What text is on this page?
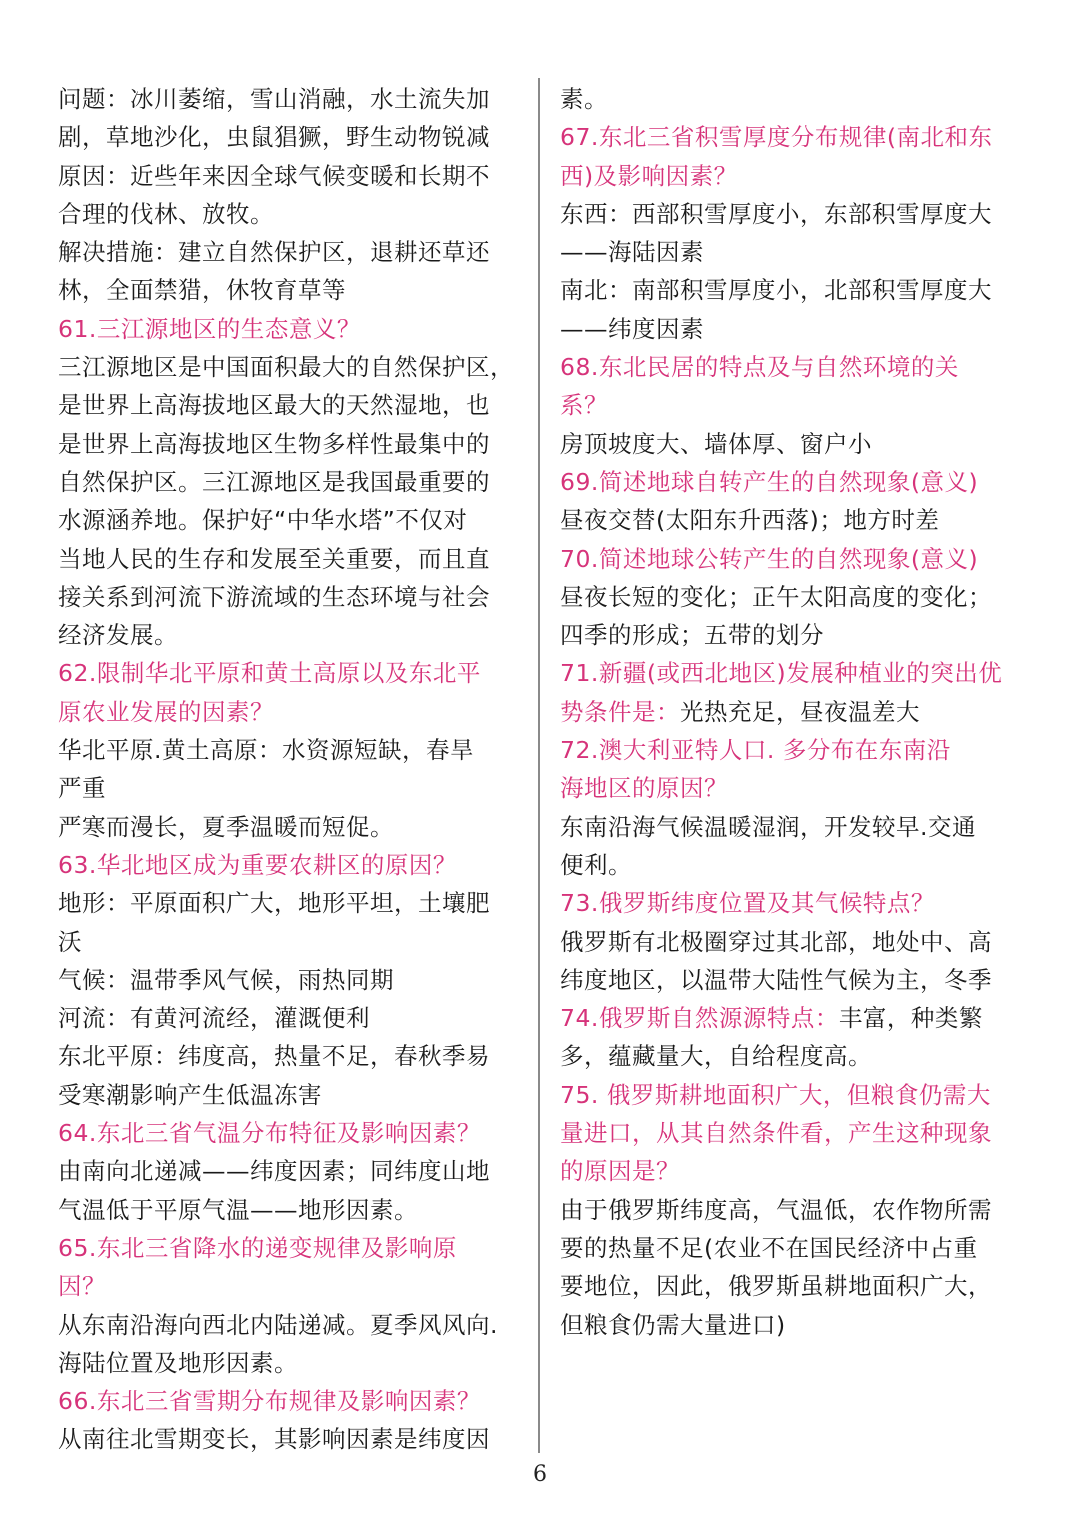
问题：冰川萎缩，雪山消融，水土流失加
剧，草地沙化，虫鼠猖獗，野生动物锐减
原因：近些年来因全球气候变暖和长期不
合理的伐林、放牧。
解决措施：建立自然保护区，退耕还草还
林，全面禁猎，休牧育草等
61.三江源地区的生态意义？
三江源地区是中国面积最大的自然保护区，
是世界上高海拔地区最大的天然湿地，也
是世界上高海拔地区生物多样性最集中的
自然保护区。三江源地区是我国最重要的
水源涵养地。保护好“中华水塔”不仅对
当地人民的生存和发展至关重要，而且直
接关系到河流下游流域的生态环境与社会
经济发展。
62.限制华北平原和黄土高原以及东北平
原农业发展的因素？
华北平原.黄土高原：水资源短缺，春旱
严重
严寒而漫长，夏季温暖而短促。
63.华北地区成为重要农耕区的原因？
地形：平原面积广大，地形平坦，土壤肥
沃
气候：温带季风气候，雨热同期
河流：有黄河流经，灌溉便利
东北平原：纬度高，热量不足，春秋季易
受寒潮影响产生低温冻害
64.东北三省气温分布特征及影响因素？
由南向北递减——纬度因素；同纬度山地
气温低于平原气温——地形因素。
65.东北三省降水的递变规律及影响原
因？
从东南沿海向西北内陆递减。夏季风风向.
海陆位置及地形因素。
66.东北三省雪期分布规律及影响因素？
从南往北雪期变长，其影响因素是纬度因
素。
67.东北三省积雪厚度分布规律(南北和东
西)及影响因素？
东西：西部积雪厚度小，东部积雪厚度大
——海陆因素
南北：南部积雪厚度小，北部积雪厚度大
——纬度因素
68.东北民居的特点及与自然环境的关
系？
房顶坡度大、墙体厚、窗户小
69.简述地球自转产生的自然现象(意义)
昼夜交替(太阳东升西落)；地方时差
70.简述地球公转产生的自然现象(意义)
昼夜长短的变化；正午太阳高度的变化；
四季的形成；五带的划分
71.新疆(或西北地区)发展种植业的突出优
势条件是：光热充足，昼夜温差大
72.澳大利亚特人口. 多分布在东南沿
海地区的原因？
东南沿海气候温暖湿润，开发较早.交通
便利。
73.俄罗斯纬度位置及其气候特点？
俄罗斯有北极圈穿过其北部，地处中、高
纬度地区，以温带大陆性气候为主，冬季
74.俄罗斯自然源源特点：丰富，种类繁
多，蕴藏量大，自给程度高。
75. 俄罗斯耕地面积广大，但粮食仍需大
量进口，从其自然条件看，产生这种现象
的原因是？
由于俄罗斯纬度高，气温低，农作物所需
要的热量不足(农业不在国民经济中占重
要地位，因此，俄罗斯虽耕地面积广大，
但粮食仍需大量进口)
6
